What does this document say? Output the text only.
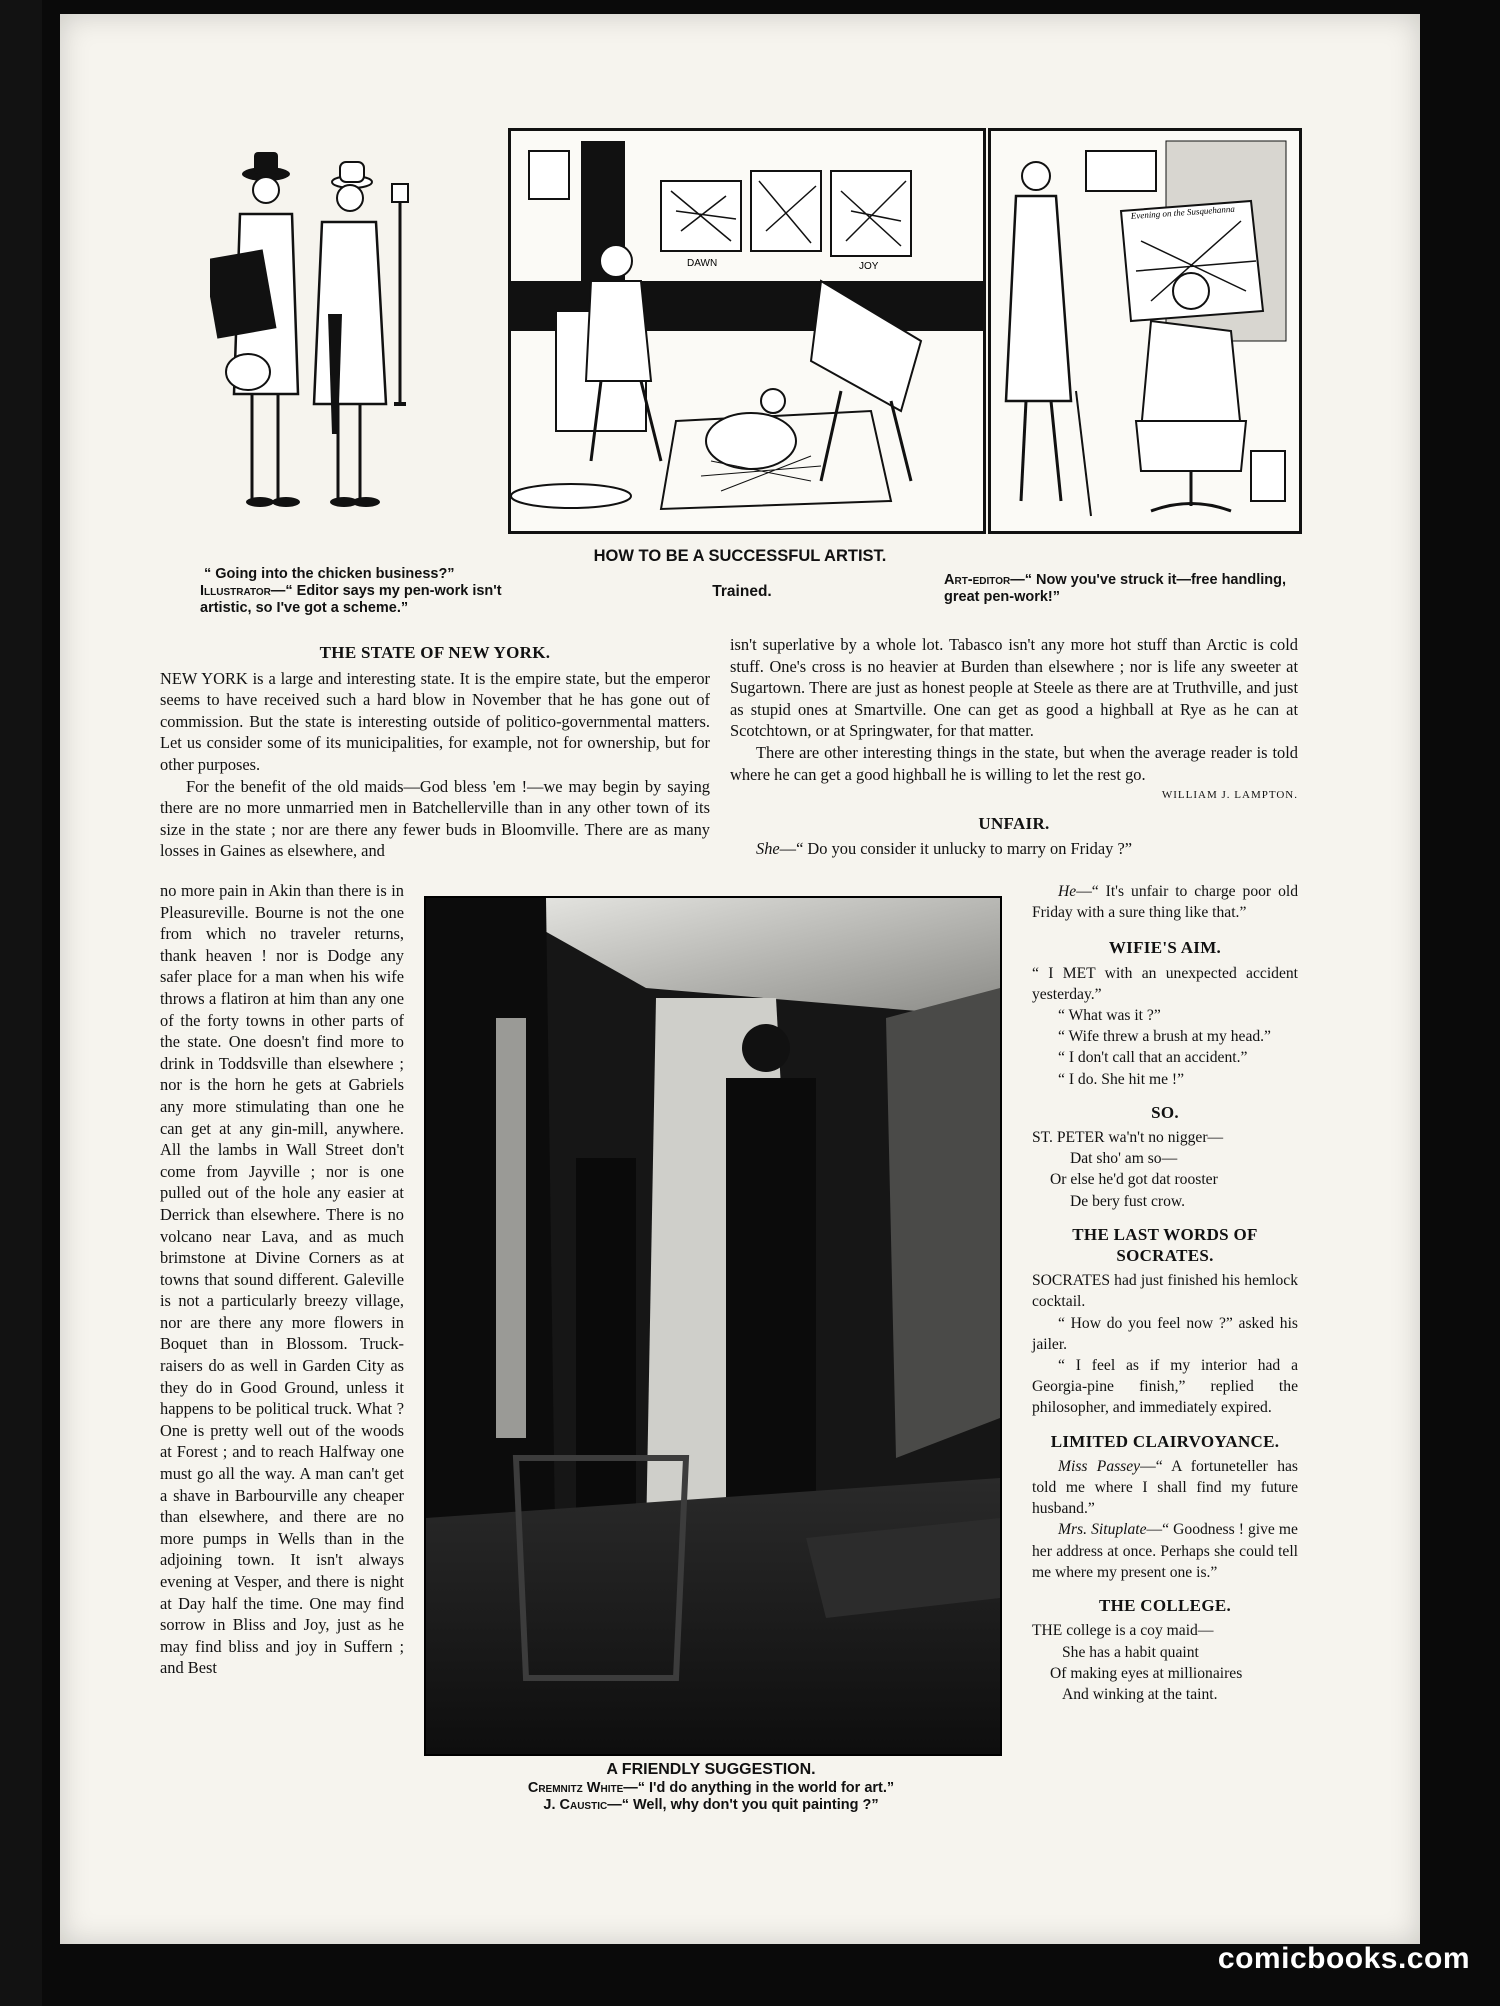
DAWN	JOY
Evening on the Susquehanna
HOW TO BE A SUCCESSFUL ARTIST.
“ Going into the chicken business?”
Illustrator—“ Editor says my pen-work isn't artistic, so I've got a scheme.”
Trained.
Art-editor—“ Now you've struck it—free handling, great pen-work!”
THE STATE OF NEW YORK.

NEW YORK is a large and interesting state. It is the empire state, but the emperor seems to have received such a hard blow in November that he has gone out of commission. But the state is interesting outside of politico-governmental matters. Let us consider some of its municipalities, for example, not for ownership, but for other purposes.

For the benefit of the old maids—God bless 'em !—we may begin by saying there are no more unmarried men in Batchellerville than in any other town of its size in the state ; nor are there any fewer buds in Bloomville. There are as many losses in Gaines as elsewhere, and

no more pain in Akin than there is in Pleasureville. Bourne is not the one from which no traveler returns, thank heaven ! nor is Dodge any safer place for a man when his wife throws a flatiron at him than any one of the forty towns in other parts of the state. One doesn't find more to drink in Toddsville than elsewhere ; nor is the horn he gets at Gabriels any more stimulating than one he can get at any gin-mill, anywhere. All the lambs in Wall Street don't come from Jayville ; nor is one pulled out of the hole any easier at Derrick than elsewhere. There is no volcano near Lava, and as much brimstone at Divine Corners as at towns that sound different. Galeville is not a particularly breezy village, nor are there any more flowers in Boquet than in Blossom. Truck-raisers do as well in Garden City as they do in Good Ground, unless it happens to be political truck. What ? One is pretty well out of the woods at Forest ; and to reach Halfway one must go all the way. A man can't get a shave in Barbourville any cheaper than elsewhere, and there are no more pumps in Wells than in the adjoining town. It isn't always evening at Vesper, and there is night at Day half the time. One may find sorrow in Bliss and Joy, just as he may find bliss and joy in Suffern ; and Best

isn't superlative by a whole lot. Tabasco isn't any more hot stuff than Arctic is cold stuff. One's cross is no heavier at Burden than elsewhere ; nor is life any sweeter at Sugartown. There are just as honest people at Steele as there are at Truthville, and just as stupid ones at Smartville. One can get as good a highball at Rye as he can at Scotchtown, or at Springwater, for that matter.

There are other interesting things in the state, but when the average reader is told where he can get a good highball he is willing to let the rest go.

WILLIAM J. LAMPTON.
UNFAIR.

She—“ Do you consider it unlucky to marry on Friday ?”

He—“ It's unfair to charge poor old Friday with a sure thing like that.”

WIFIE'S AIM.

“ I MET with an unexpected accident yesterday.”

“ What was it ?”

“ Wife threw a brush at my head.”

“ I don't call that an accident.”

“ I do. She hit me !”

SO.
ST. PETER wa'n't no nigger—
Dat sho' am so—
Or else he'd got dat rooster
De bery fust crow.
THE LAST WORDS OF SOCRATES.

SOCRATES had just finished his hemlock cocktail.

“ How do you feel now ?” asked his jailer.

“ I feel as if my interior had a Georgia-pine finish,” replied the philosopher, and immediately expired.

LIMITED CLAIRVOYANCE.

Miss Passey—“ A fortuneteller has told me where I shall find my future husband.”

Mrs. Situplate—“ Goodness ! give me her address at once. Perhaps she could tell me where my present one is.”

THE COLLEGE.
THE college is a coy maid—
She has a habit quaint
Of making eyes at millionaires
And winking at the taint.
A FRIENDLY SUGGESTION.
Cremnitz White—“ I'd do anything in the world for art.”
J. Caustic—“ Well, why don't you quit painting ?”
comicbooks.com
